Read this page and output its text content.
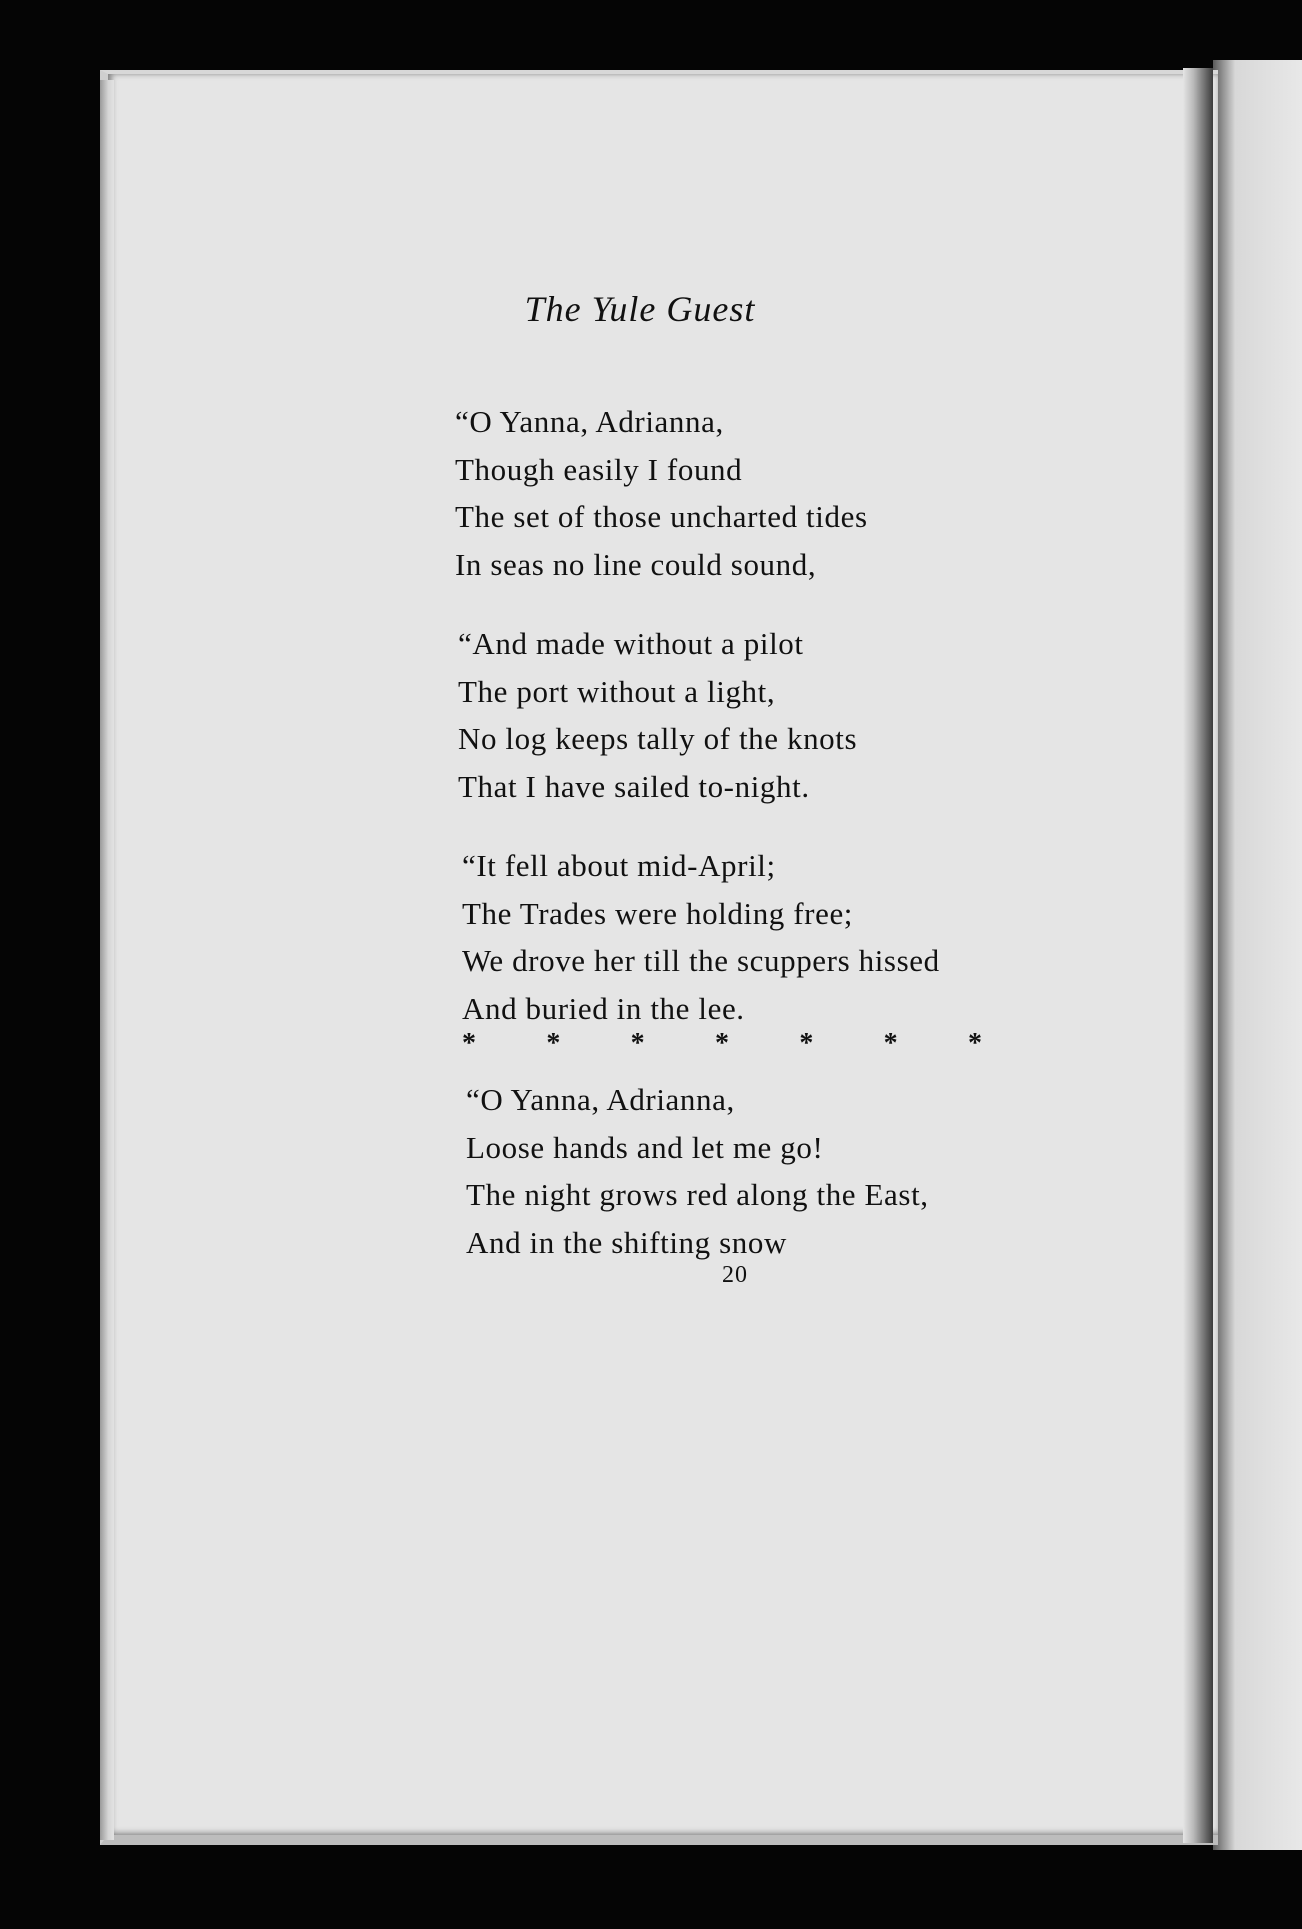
The Yule Guest
“O Yanna, Adrianna,
Though easily I found
The set of those uncharted tides
In seas no line could sound,
“And made without a pilot
The port without a light,
No log keeps tally of the knots
That I have sailed to-night.
“It fell about mid-April;
The Trades were holding free;
We drove her till the scuppers hissed
And buried in the lee.
“O Yanna, Adrianna,
Loose hands and let me go!
The night grows red along the East,
And in the shifting snow
*	*	*	*	*	*	*
20
